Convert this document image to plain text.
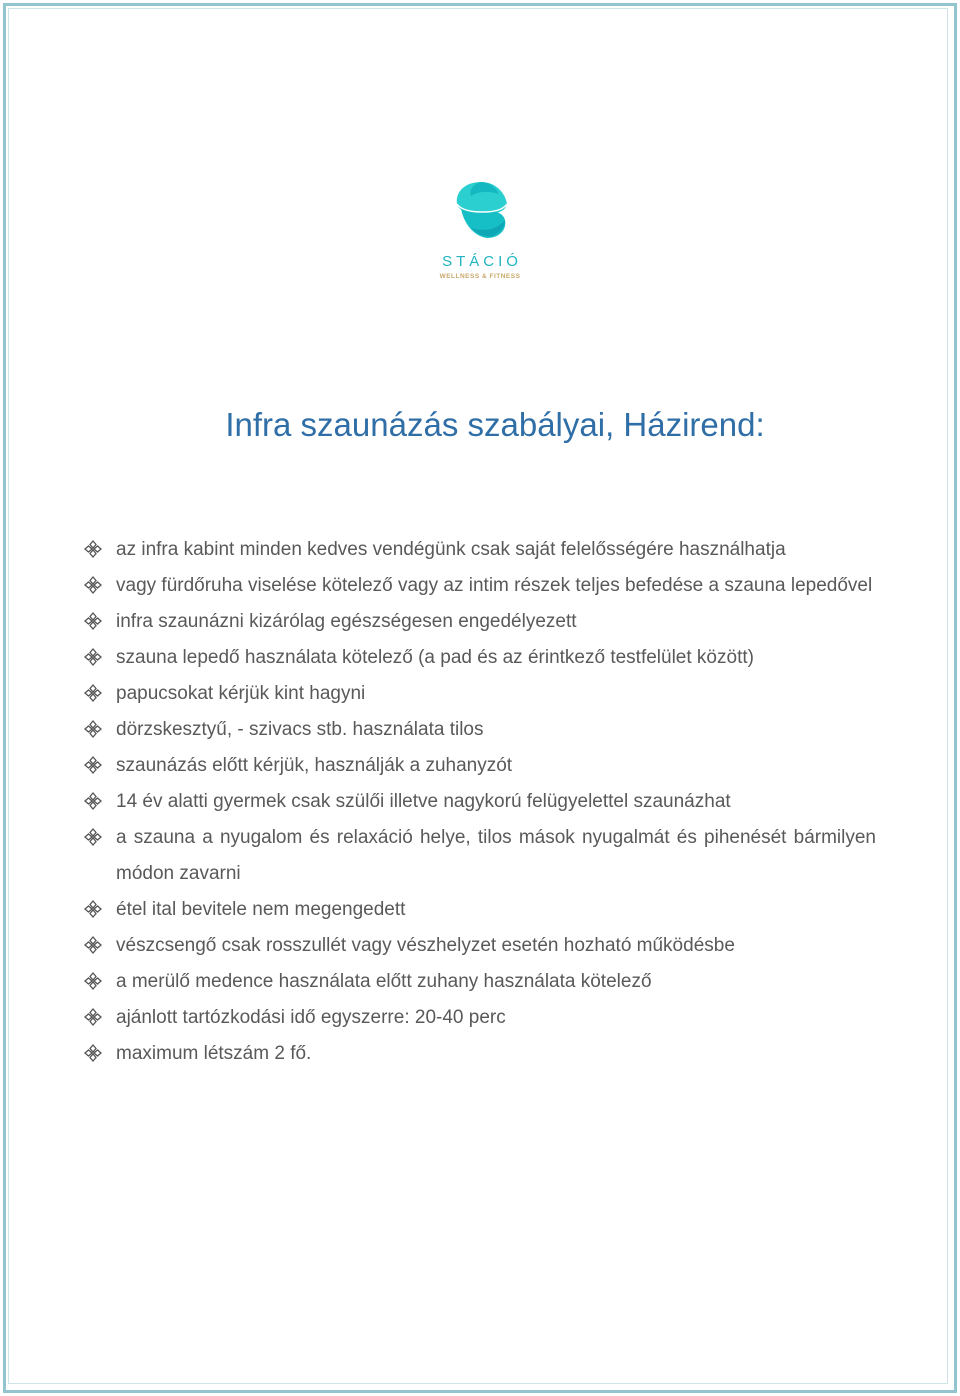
STÁCIÓ
WELLNESS & FITNESS
Infra szaunázás szabályai, Házirend:
az infra kabint minden kedves vendégünk csak saját felelősségére használhatja
vagy fürdőruha viselése kötelező vagy az intim részek teljes befedése a szauna lepedővel
infra szaunázni kizárólag egészségesen engedélyezett
szauna lepedő használata kötelező (a pad és az érintkező testfelület között)
papucsokat kérjük kint hagyni
dörzskesztyű, - szivacs stb. használata tilos
szaunázás előtt kérjük, használják a zuhanyzót
14 év alatti gyermek csak szülői illetve nagykorú felügyelettel szaunázhat
a szauna a nyugalom és relaxáció helye, tilos mások nyugalmát és pihenését bármilyen módon zavarni
étel ital bevitele nem megengedett
vészcsengő csak rosszullét vagy vészhelyzet esetén hozható működésbe
a merülő medence használata előtt zuhany használata kötelező
ajánlott tartózkodási idő egyszerre: 20-40 perc
maximum létszám 2 fő.
